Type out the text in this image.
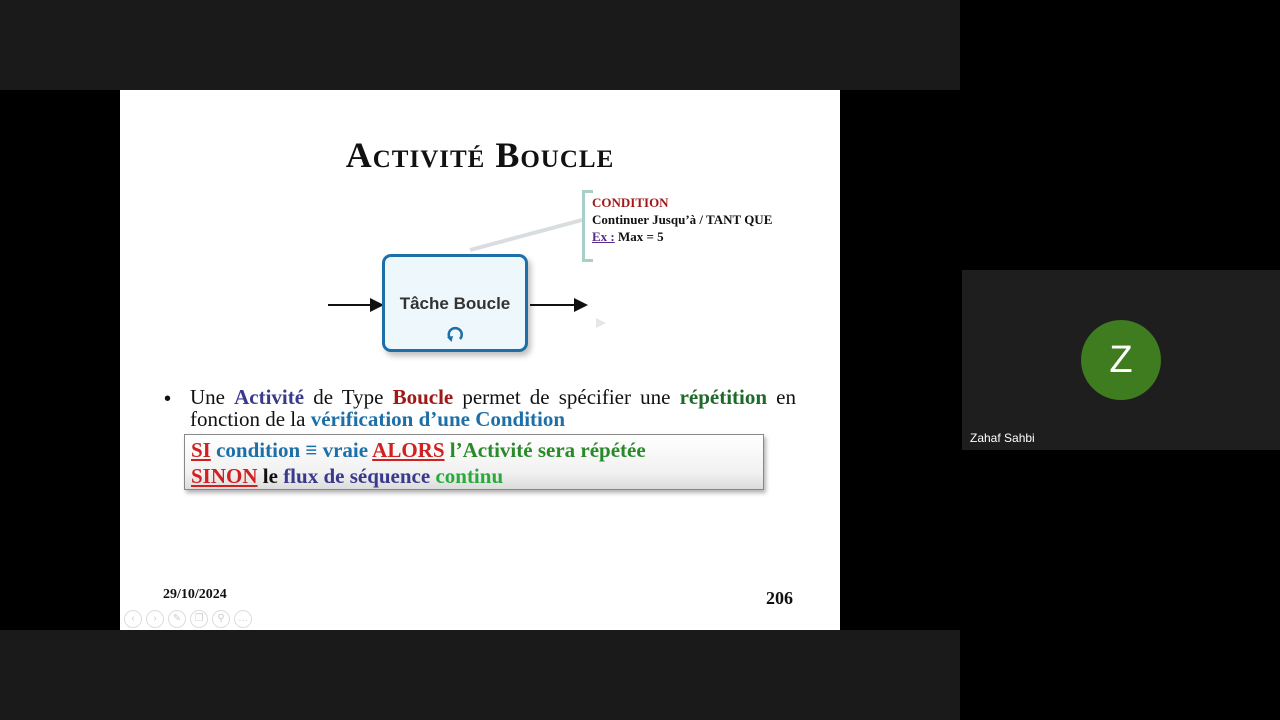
Activité Boucle
CONDITION
Continuer Jusqu’à / TANT QUE
Ex : Max = 5
Tâche Boucle
• Une Activité de Type Boucle permet de spécifier une répétition en fonction de la vérification d’une Condition
SI condition ≡ vraie ALORS l’Activité sera répétée
SINON le flux de séquence continu
29/10/2024	206
‹	›	✎	❐	⚲	…
Z
Zahaf Sahbi
